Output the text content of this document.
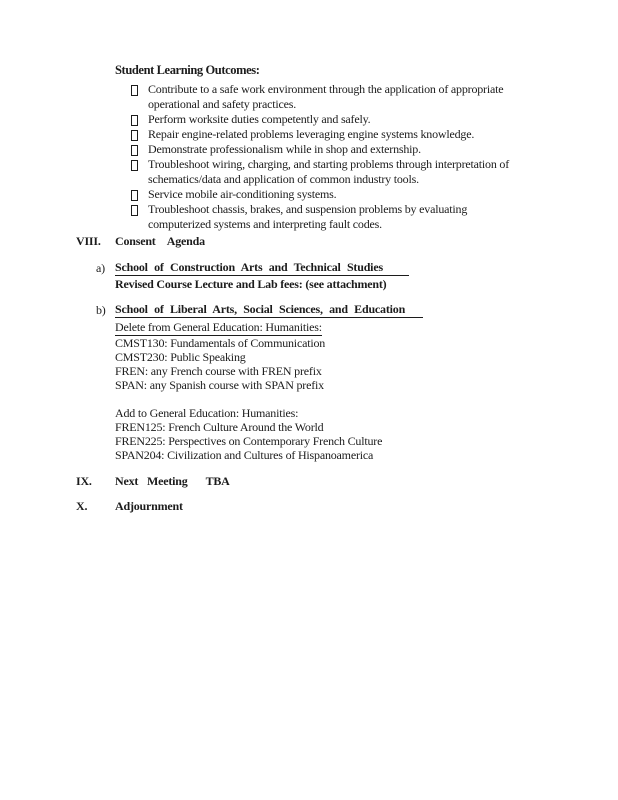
Student Learning Outcomes:
Contribute to a safe work environment through the application of appropriate operational and safety practices.
Perform worksite duties competently and safely.
Repair engine-related problems leveraging engine systems knowledge.
Demonstrate professionalism while in shop and externship.
Troubleshoot wiring, charging, and starting problems through interpretation of schematics/data and application of common industry tools.
Service mobile air-conditioning systems.
Troubleshoot chassis, brakes, and suspension problems by evaluating computerized systems and interpreting fault codes.
VIII. Consent Agenda
a) School of Construction Arts and Technical Studies
Revised Course Lecture and Lab fees: (see attachment)
b) School of Liberal Arts, Social Sciences, and Education
Delete from General Education: Humanities:
CMST130: Fundamentals of Communication
CMST230: Public Speaking
FREN: any French course with FREN prefix
SPAN: any Spanish course with SPAN prefix
Add to General Education: Humanities:
FREN125: French Culture Around the World
FREN225: Perspectives on Contemporary French Culture
SPAN204: Civilization and Cultures of Hispanoamerica
IX. Next Meeting TBA
X. Adjournment
